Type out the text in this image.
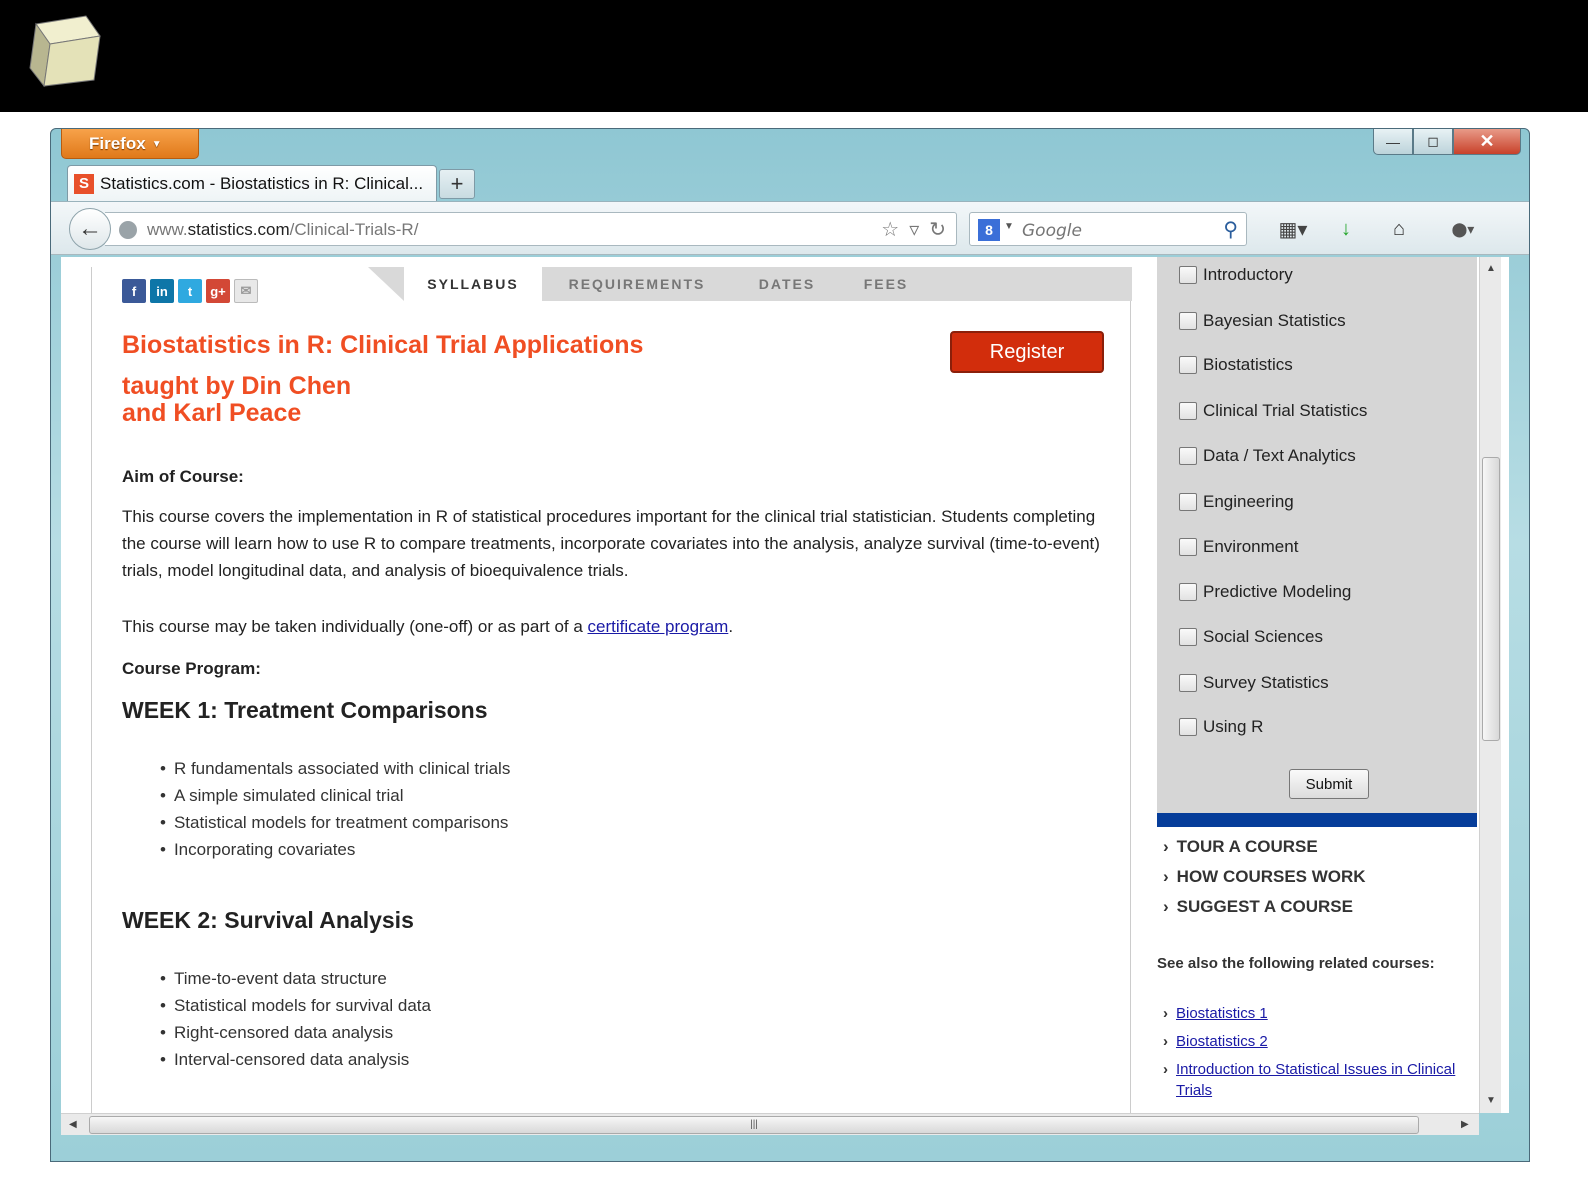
Firefox ▼	—	◻	✕
S Statistics.com - Biostatistics in R: Clinical...	+
www.statistics.com/Clinical-Trials-R/	☆ ▿ ↻
←	8	▼
Google	⚲	▦▾	↓	⌂	⬤▾
f	in	t	g+	✉	SYLLABUS	REQUIREMENTS	DATES	FEES
Biostatistics in R: Clinical Trial Applications
taught by Din Chen
and Karl Peace
Register
Aim of Course:
This course covers the implementation in R of statistical procedures important for the clinical trial statistician. Students completing the course will learn how to use R to compare treatments, incorporate covariates into the analysis, analyze survival (time-to-event) trials, model longitudinal data, and analysis of bioequivalence trials.
This course may be taken individually (one-off) or as part of a certificate program.
Course Program:
WEEK 1: Treatment Comparisons
• R fundamentals associated with clinical trials
• A simple simulated clinical trial
• Statistical models for treatment comparisons
• Incorporating covariates
WEEK 2: Survival Analysis
• Time-to-event data structure
• Statistical models for survival data
• Right-censored data analysis
• Interval-censored data analysis
Introductory
Bayesian Statistics
Biostatistics
Clinical Trial Statistics
Data / Text Analytics
Engineering
Environment
Predictive Modeling
Social Sciences
Survey Statistics
Using R
Submit
› TOUR A COURSE
› HOW COURSES WORK
› SUGGEST A COURSE
See also the following related courses:
› Biostatistics 1
› Biostatistics 2
› Introduction to Statistical Issues in Clinical Trials
▲
▼
◀	|||	▶
